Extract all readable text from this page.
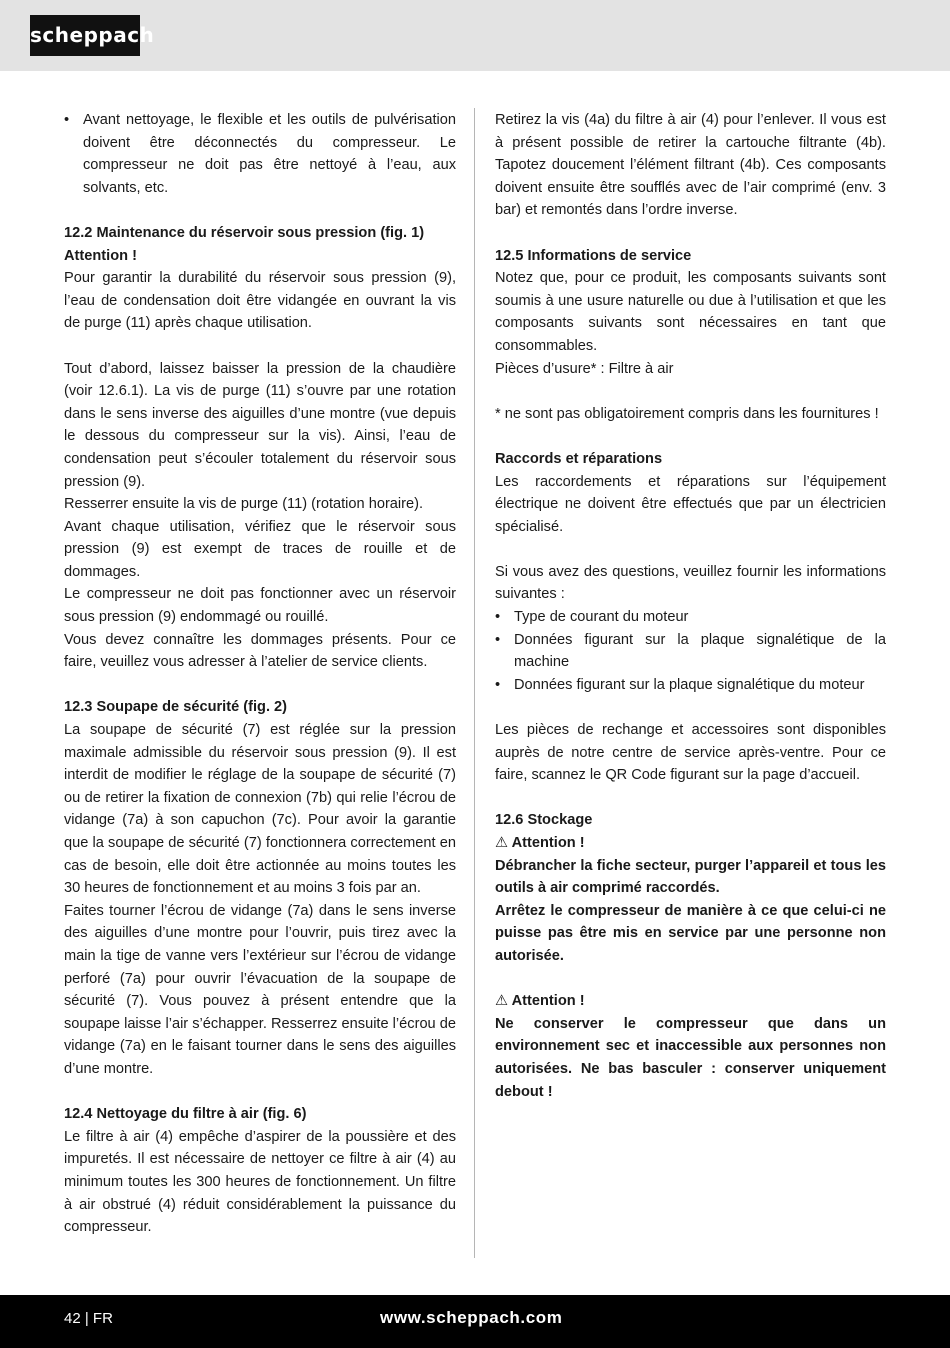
scheppach

• Avant nettoyage, le flexible et les outils de pulvérisation doivent être déconnectés du compresseur. Le compresseur ne doit pas être nettoyé à l’eau, aux solvants, etc.

12.2 Maintenance du réservoir sous pression (fig. 1)

Attention !

Pour garantir la durabilité du réservoir sous pression (9), l’eau de condensation doit être vidangée en ouvrant la vis de purge (11) après chaque utilisation.

Tout d’abord, laissez baisser la pression de la chaudière (voir 12.6.1). La vis de purge (11) s’ouvre par une rotation dans le sens inverse des aiguilles d’une montre (vue depuis le dessous du compresseur sur la vis). Ainsi, l’eau de condensation peut s’écouler totalement du réservoir sous pression (9).

Resserrer ensuite la vis de purge (11) (rotation horaire).

Avant chaque utilisation, vérifiez que le réservoir sous pression (9) est exempt de traces de rouille et de dommages.

Le compresseur ne doit pas fonctionner avec un réservoir sous pression (9) endommagé ou rouillé.

Vous devez connaître les dommages présents. Pour ce faire, veuillez vous adresser à l’atelier de service clients.

12.3 Soupape de sécurité (fig. 2)

La soupape de sécurité (7) est réglée sur la pression maximale admissible du réservoir sous pression (9). Il est interdit de modifier le réglage de la soupape de sécurité (7) ou de retirer la fixation de connexion (7b) qui relie l’écrou de vidange (7a) à son capuchon (7c). Pour avoir la garantie que la soupape de sécurité (7) fonctionnera correctement en cas de besoin, elle doit être actionnée au moins toutes les 30 heures de fonctionnement et au moins 3 fois par an.

Faites tourner l’écrou de vidange (7a) dans le sens inverse des aiguilles d’une montre pour l’ouvrir, puis tirez avec la main la tige de vanne vers l’extérieur sur l’écrou de vidange perforé (7a) pour ouvrir l’évacuation de la soupape de sécurité (7). Vous pouvez à présent entendre que la soupape laisse l’air s’échapper. Resserrez ensuite l’écrou de vidange (7a) en le faisant tourner dans le sens des aiguilles d’une montre.

12.4 Nettoyage du filtre à air (fig. 6)

Le filtre à air (4) empêche d’aspirer de la poussière et des impuretés. Il est nécessaire de nettoyer ce filtre à air (4) au minimum toutes les 300 heures de fonctionnement. Un filtre à air obstrué (4) réduit considérablement la puissance du compresseur.

Retirez la vis (4a) du filtre à air (4) pour l’enlever. Il vous est à présent possible de retirer la cartouche filtrante (4b). Tapotez doucement l’élément filtrant (4b). Ces composants doivent ensuite être soufflés avec de l’air comprimé (env. 3 bar) et remontés dans l’ordre inverse.

12.5 Informations de service

Notez que, pour ce produit, les composants suivants sont soumis à une usure naturelle ou due à l’utilisation et que les composants suivants sont nécessaires en tant que consommables.

Pièces d’usure* : Filtre à air

* ne sont pas obligatoirement compris dans les fournitures !

Raccords et réparations

Les raccordements et réparations sur l’équipement électrique ne doivent être effectués que par un électricien spécialisé.

Si vous avez des questions, veuillez fournir les informations suivantes :

• Type de courant du moteur

• Données figurant sur la plaque signalétique de la machine

• Données figurant sur la plaque signalétique du moteur

Les pièces de rechange et accessoires sont disponibles auprès de notre centre de service après-ventre. Pour ce faire, scannez le QR Code figurant sur la page d’accueil.

12.6 Stockage

⚠ Attention !

Débrancher la fiche secteur, purger l’appareil et tous les outils à air comprimé raccordés.

Arrêtez le compresseur de manière à ce que celui-ci ne puisse pas être mis en service par une personne non autorisée.

⚠ Attention !

Ne conserver le compresseur que dans un environnement sec et inaccessible aux personnes non autorisées. Ne bas basculer : conserver uniquement debout !

42 | FR	www.scheppach.com
